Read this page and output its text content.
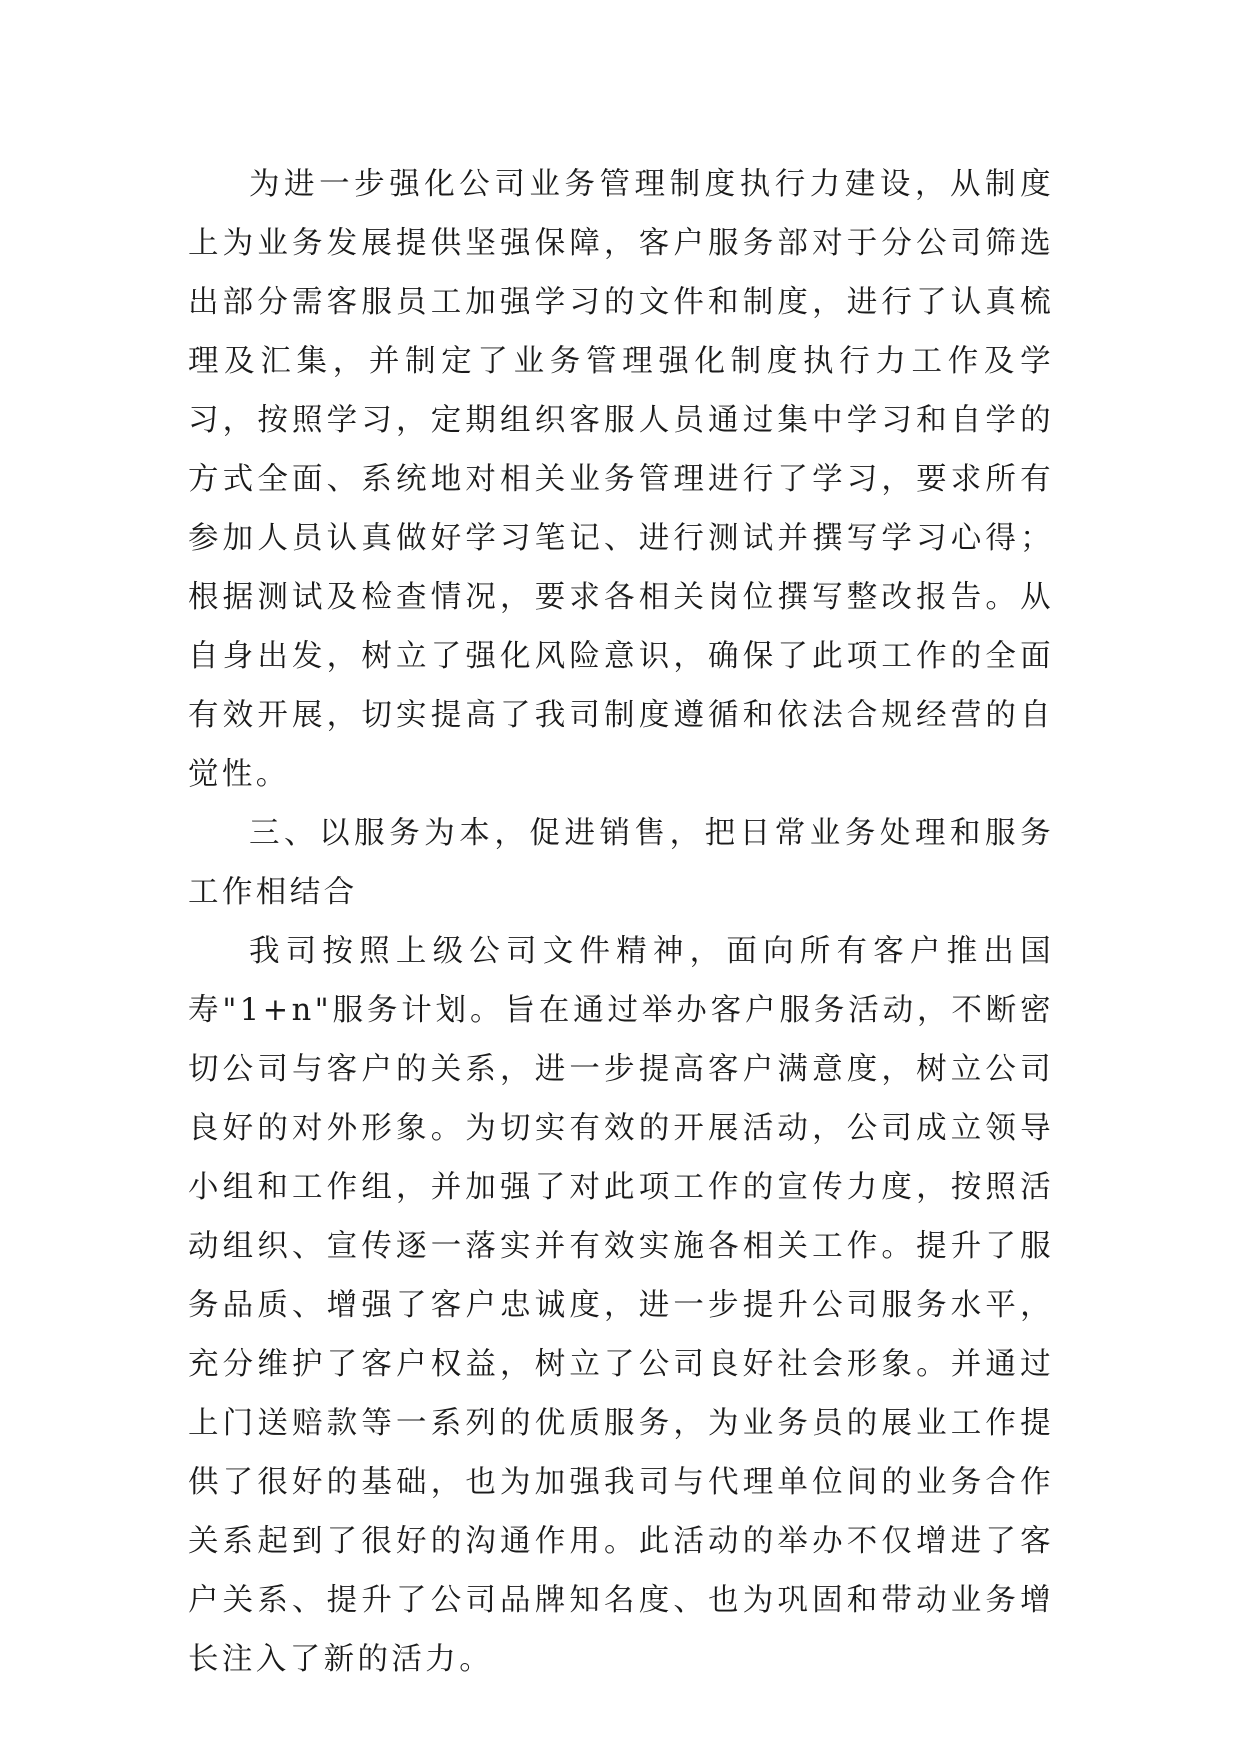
为进一步强化公司业务管理制度执行力建设，从制度上为业务发展提供坚强保障，客户服务部对于分公司筛选出部分需客服员工加强学习的文件和制度，进行了认真梳理及汇集，并制定了业务管理强化制度执行力工作及学习，按照学习，定期组织客服人员通过集中学习和自学的方式全面、系统地对相关业务管理进行了学习，要求所有参加人员认真做好学习笔记、进行测试并撰写学习心得；根据测试及检查情况，要求各相关岗位撰写整改报告。从自身出发，树立了强化风险意识，确保了此项工作的全面有效开展，切实提高了我司制度遵循和依法合规经营的自觉性。

三、以服务为本，促进销售，把日常业务处理和服务工作相结合

我司按照上级公司文件精神，面向所有客户推出国寿"1+n"服务计划。旨在通过举办客户服务活动，不断密切公司与客户的关系，进一步提高客户满意度，树立公司良好的对外形象。为切实有效的开展活动，公司成立领导小组和工作组，并加强了对此项工作的宣传力度，按照活动组织、宣传逐一落实并有效实施各相关工作。提升了服务品质、增强了客户忠诚度，进一步提升公司服务水平，充分维护了客户权益，树立了公司良好社会形象。并通过上门送赔款等一系列的优质服务，为业务员的展业工作提供了很好的基础，也为加强我司与代理单位间的业务合作关系起到了很好的沟通作用。此活动的举办不仅增进了客户关系、提升了公司品牌知名度、也为巩固和带动业务增长注入了新的活力。
